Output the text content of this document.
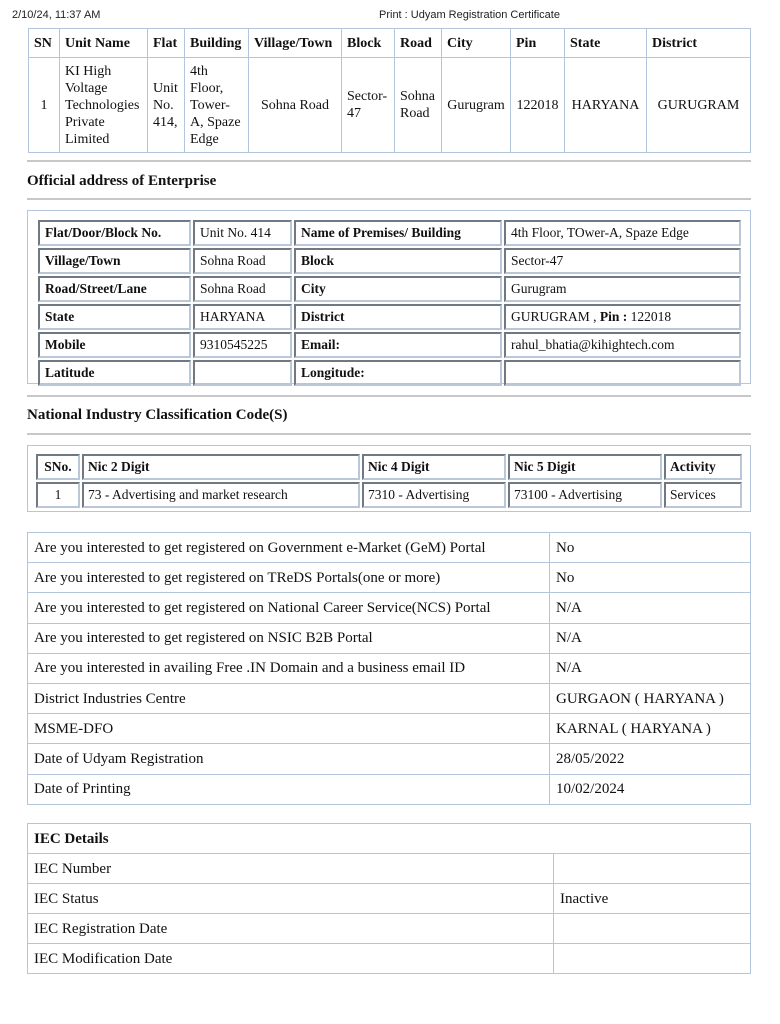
2/10/24, 11:37 AM	Print : Udyam Registration Certificate
SN	Unit Name	Flat	Building	Village/Town	Block	Road	City	Pin	State	District
1	KI High Voltage Technologies Private Limited	Unit No. 414,	4th Floor, Tower-A, Spaze Edge	Sohna Road	Sector-47	Sohna Road	Gurugram	122018	HARYANA	GURUGRAM
Official address of Enterprise
Flat/Door/Block No.	Unit No. 414	Name of Premises/ Building	4th Floor, TOwer-A, Spaze Edge
Village/Town	Sohna Road	Block	Sector-47
Road/Street/Lane	Sohna Road	City	Gurugram
State	HARYANA	District	GURUGRAM , Pin : 122018
Mobile	9310545225	Email:	rahul_bhatia@kihightech.com
Latitude		Longitude:	
National Industry Classification Code(S)
SNo.	Nic 2 Digit	Nic 4 Digit	Nic 5 Digit	Activity
1	73 - Advertising and market research	7310 - Advertising	73100 - Advertising	Services
Are you interested to get registered on Government e-Market (GeM) Portal	No
Are you interested to get registered on TReDS Portals(one or more)	No
Are you interested to get registered on National Career Service(NCS) Portal	N/A
Are you interested to get registered on NSIC B2B Portal	N/A
Are you interested in availing Free .IN Domain and a business email ID	N/A
District Industries Centre	GURGAON ( HARYANA )
MSME-DFO	KARNAL ( HARYANA )
Date of Udyam Registration	28/05/2022
Date of Printing	10/02/2024
IEC Details	
IEC Number	
IEC Status	Inactive
IEC Registration Date	
IEC Modification Date	
